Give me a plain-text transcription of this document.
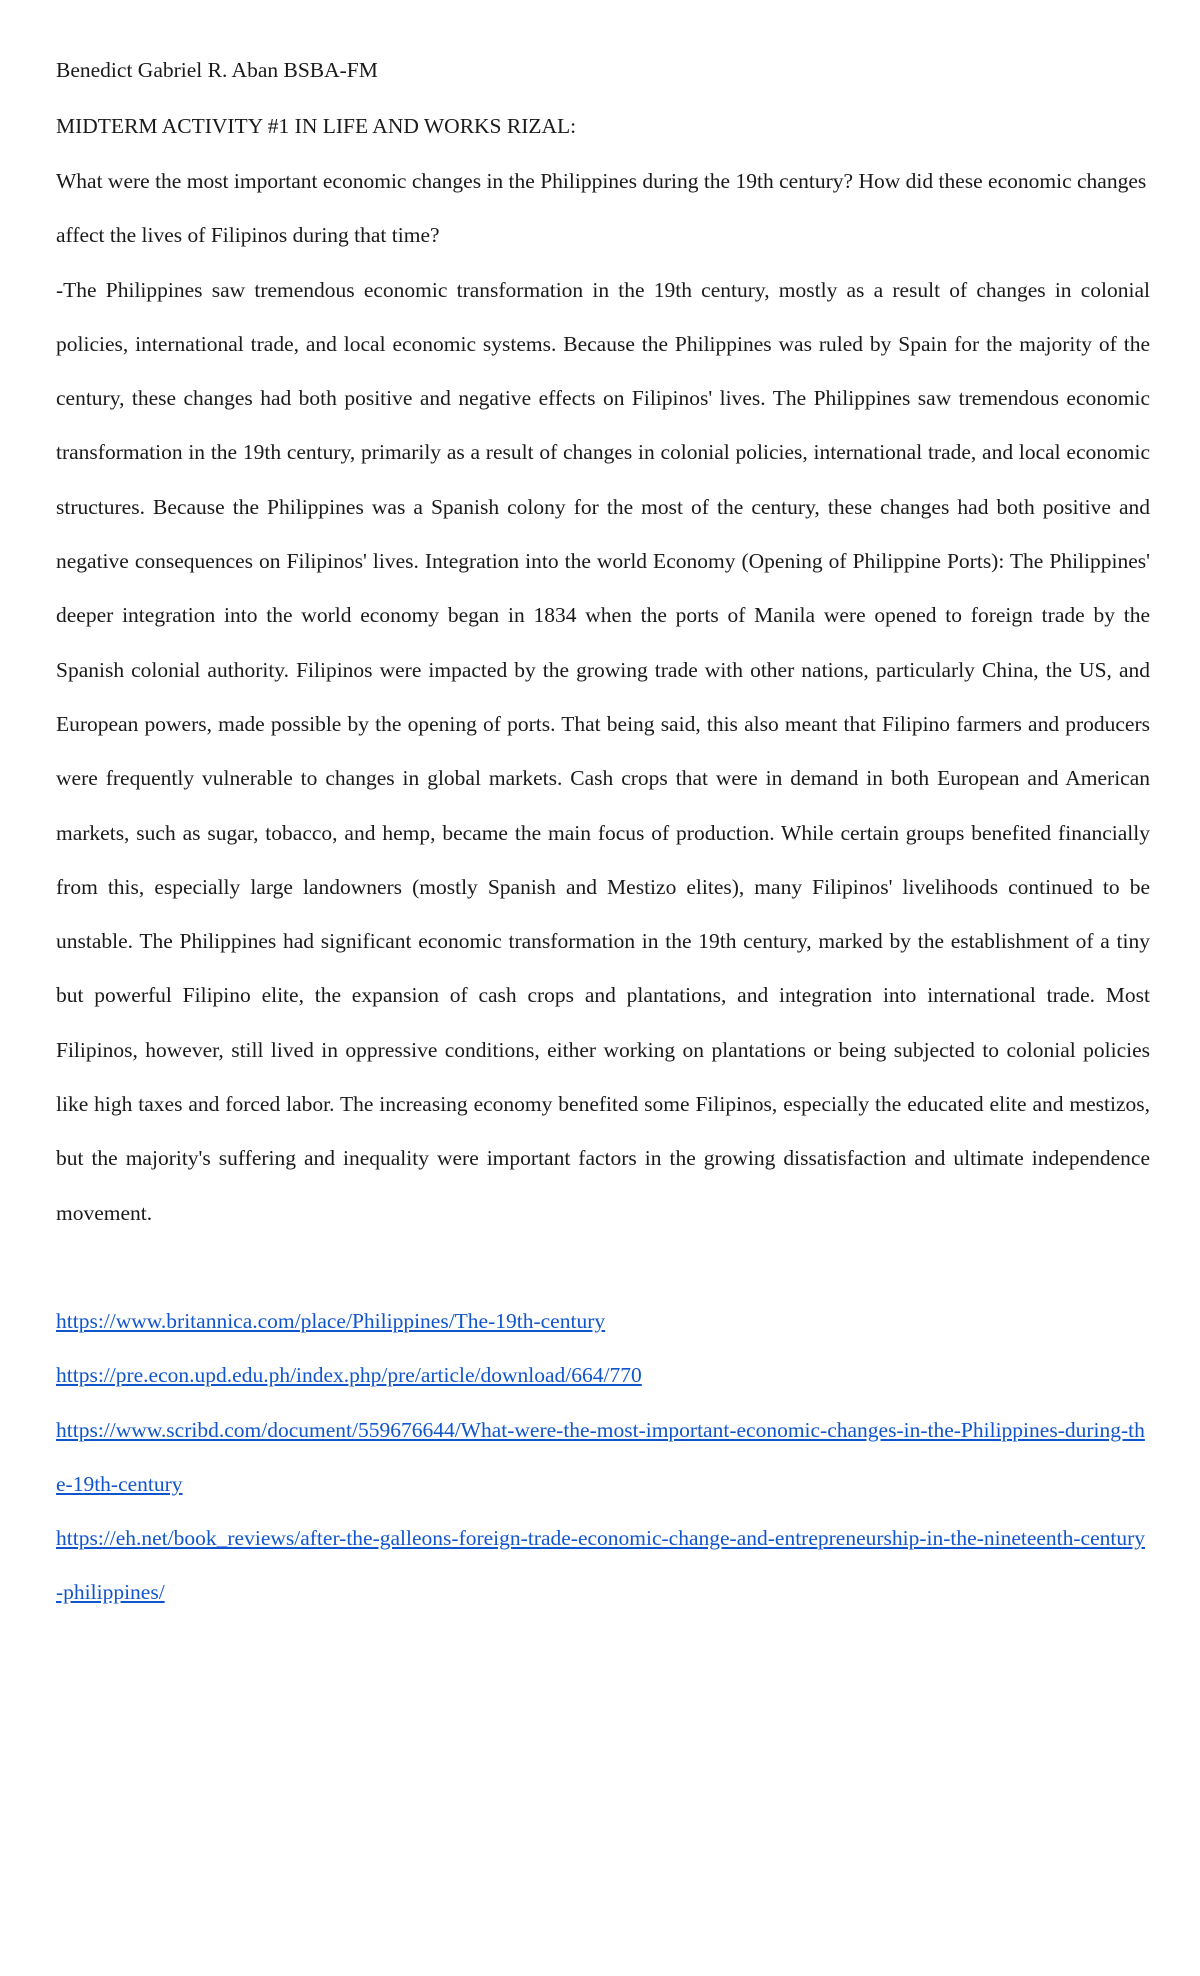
Benedict Gabriel R. Aban BSBA-FM

MIDTERM ACTIVITY #1 IN LIFE AND WORKS RIZAL:

What were the most important economic changes in the Philippines during the 19th century? How did these economic changes affect the lives of Filipinos during that time?

-The Philippines saw tremendous economic transformation in the 19th century, mostly as a result of changes in colonial policies, international trade, and local economic systems. Because the Philippines was ruled by Spain for the majority of the century, these changes had both positive and negative effects on Filipinos' lives. The Philippines saw tremendous economic transformation in the 19th century, primarily as a result of changes in colonial policies, international trade, and local economic structures. Because the Philippines was a Spanish colony for the most of the century, these changes had both positive and negative consequences on Filipinos' lives. Integration into the world Economy (Opening of Philippine Ports): The Philippines' deeper integration into the world economy began in 1834 when the ports of Manila were opened to foreign trade by the Spanish colonial authority. Filipinos were impacted by the growing trade with other nations, particularly China, the US, and European powers, made possible by the opening of ports. That being said, this also meant that Filipino farmers and producers were frequently vulnerable to changes in global markets. Cash crops that were in demand in both European and American markets, such as sugar, tobacco, and hemp, became the main focus of production. While certain groups benefited financially from this, especially large landowners (mostly Spanish and Mestizo elites), many Filipinos' livelihoods continued to be unstable. The Philippines had significant economic transformation in the 19th century, marked by the establishment of a tiny but powerful Filipino elite, the expansion of cash crops and plantations, and integration into international trade. Most Filipinos, however, still lived in oppressive conditions, either working on plantations or being subjected to colonial policies like high taxes and forced labor. The increasing economy benefited some Filipinos, especially the educated elite and mestizos, but the majority's suffering and inequality were important factors in the growing dissatisfaction and ultimate independence movement.

https://www.britannica.com/place/Philippines/The-19th-century
https://pre.econ.upd.edu.ph/index.php/pre/article/download/664/770
https://www.scribd.com/document/559676644/What-were-the-most-important-economic-changes-in-the-Philippines-during-the-19th-century
https://eh.net/book_reviews/after-the-galleons-foreign-trade-economic-change-and-entrepreneurship-in-the-nineteenth-century-philippines/
